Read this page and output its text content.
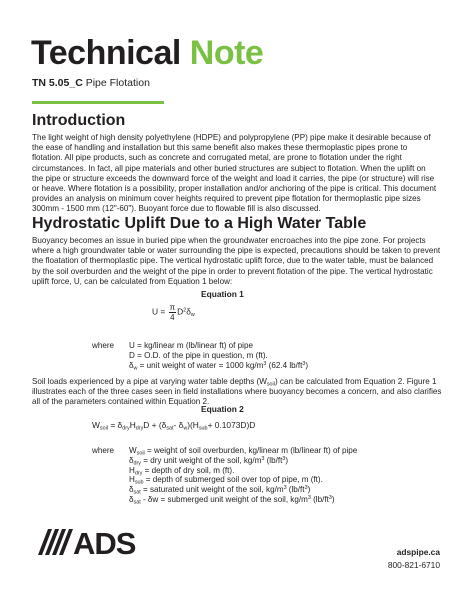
Technical Note
TN 5.05_C Pipe Flotation
Introduction
The light weight of high density polyethylene (HDPE) and polypropylene (PP) pipe make it desirable because of the ease of handling and installation but this same benefit also makes these thermoplastic pipes prone to flotation. All pipe products, such as concrete and corrugated metal, are prone to flotation under the right circumstances. In fact, all pipe materials and other buried structures are subject to flotation. When the uplift on the pipe or structure exceeds the downward force of the weight and load it carries, the pipe (or structure) will rise or heave. Where flotation is a possibility, proper installation and/or anchoring of the pipe is critical. This document provides an analysis on minimum cover heights required to prevent pipe flotation for thermoplastic pipe sizes 300mm - 1500 mm (12"-60"). Buoyant force due to flowable fill is also discussed.
Hydrostatic Uplift Due to a High Water Table
Buoyancy becomes an issue in buried pipe when the groundwater encroaches into the pipe zone. For projects where a high groundwater table or water surrounding the pipe is expected, precautions should be taken to prevent the floatation of thermoplastic pipe. The vertical hydrostatic uplift force, due to the water table, must be balanced by the soil overburden and the weight of the pipe in order to prevent flotation of the pipe. The vertical hydrostatic uplift force, U, can be calculated from Equation 1 below:
Equation 1
$U = \frac{\pi}{4} D^2\delta_w$
where U = kg/linear m (lb/linear ft) of pipe
D = O.D. of the pipe in question, m (ft).
$\delta_w$ = unit weight of water = 1000 $kg/m^3$ (62.4 $lb/ft^3$)
Soil loads experienced by a pipe at varying water table depths $(W_{soil})$ can be calculated from Equation 2. Figure 1 illustrates each of the three cases seen in field installations where buoyancy becomes a concern, and also clarifies all of the parameters contained within Equation 2.
Equation 2
$W_{soil} = \delta_{dry}H_{dry}D + (\delta_{sat}-$ $\delta_w)(H_{sub}+ 0.1073D)D$
where $W_{soil}$ = weight of soil overburden, kg/linear m (lb/linear ft) of pipe
$\delta_{dry}$ = dry unit weight of the soil, $kg/m^3$ $(lb/ft^3)$
$H_{dry}$ = depth of dry soil, m (ft).
$H_{sub}$ = depth of submerged soil over top of pipe, m (ft).
$\delta_{sat}$ = saturated unit weight of the soil, $kg/m^3$ $(lb/ft^3)$
$\delta_{sat}$ - δw = submerged unit weight of the soil, $kg/m^3$ $(lb/ft^3)$
ADS	adspipe.ca
800-821-6710
